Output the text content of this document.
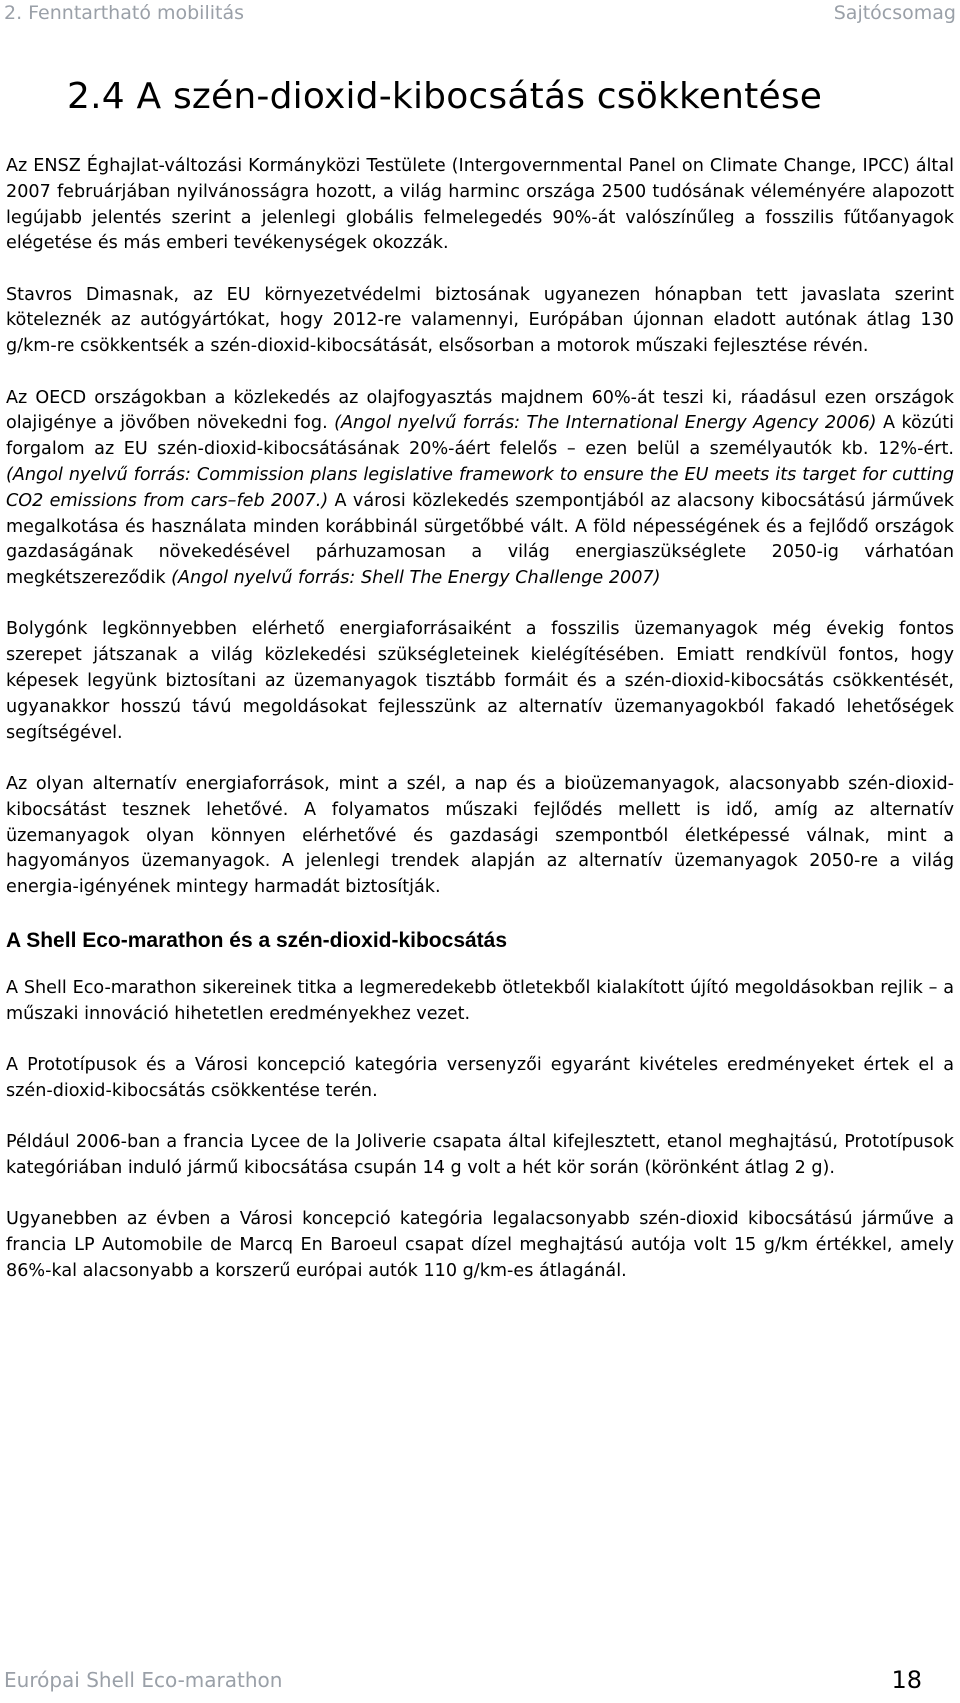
2. Fenntartható mobilitás	Sajtócsomag
2.4 A szén-dioxid-kibocsátás csökkentése

Az ENSZ Éghajlat-változási Kormányközi Testülete (Intergovernmental Panel on Climate Change, IPCC) által 2007 februárjában nyilvánosságra hozott, a világ harminc országa 2500 tudósának véleményére alapozott legújabb jelentés szerint a jelenlegi globális felmelegedés 90%-át valószínűleg a fosszilis fűtőanyagok elégetése és más emberi tevékenységek okozzák.

Stavros Dimasnak, az EU környezetvédelmi biztosának ugyanezen hónapban tett javaslata szerint köteleznék az autógyártókat, hogy 2012-re valamennyi, Európában újonnan eladott autónak átlag 130 g/km-re csökkentsék a szén-dioxid-kibocsátását, elsősorban a motorok műszaki fejlesztése révén.

Az OECD országokban a közlekedés az olajfogyasztás majdnem 60%-át teszi ki, ráadásul ezen országok olajigénye a jövőben növekedni fog. (Angol nyelvű forrás: The International Energy Agency 2006) A közúti forgalom az EU szén-dioxid-kibocsátásának 20%-áért felelős – ezen belül a személyautók kb. 12%-ért. (Angol nyelvű forrás: Commission plans legislative framework to ensure the EU meets its target for cutting CO2 emissions from cars–feb 2007.) A városi közlekedés szempontjából az alacsony kibocsátású járművek megalkotása és használata minden korábbinál sürgetőbbé vált. A föld népességének és a fejlődő országok gazdaságának növekedésével párhuzamosan a világ energiaszükséglete 2050-ig várhatóan megkétszereződik (Angol nyelvű forrás: Shell The Energy Challenge 2007)

Bolygónk legkönnyebben elérhető energiaforrásaiként a fosszilis üzemanyagok még évekig fontos szerepet játszanak a világ közlekedési szükségleteinek kielégítésében. Emiatt rendkívül fontos, hogy képesek legyünk biztosítani az üzemanyagok tisztább formáit és a szén-dioxid-kibocsátás csökkentését, ugyanakkor hosszú távú megoldásokat fejlesszünk az alternatív üzemanyagokból fakadó lehetőségek segítségével.

Az olyan alternatív energiaforrások, mint a szél, a nap és a bioüzemanyagok, alacsonyabb szén-dioxid-kibocsátást tesznek lehetővé. A folyamatos műszaki fejlődés mellett is idő, amíg az alternatív üzemanyagok olyan könnyen elérhetővé és gazdasági szempontból életképessé válnak, mint a hagyományos üzemanyagok. A jelenlegi trendek alapján az alternatív üzemanyagok 2050-re a világ energia-igényének mintegy harmadát biztosítják.

A Shell Eco-marathon és a szén-dioxid-kibocsátás

A Shell Eco-marathon sikereinek titka a legmeredekebb ötletekből kialakított újító megoldásokban rejlik – a műszaki innováció hihetetlen eredményekhez vezet.

A Prototípusok és a Városi koncepció kategória versenyzői egyaránt kivételes eredményeket értek el a szén-dioxid-kibocsátás csökkentése terén.

Például 2006-ban a francia Lycee de la Joliverie csapata által kifejlesztett, etanol meghajtású, Prototípusok kategóriában induló jármű kibocsátása csupán 14 g volt a hét kör során (körönként átlag 2 g).

Ugyanebben az évben a Városi koncepció kategória legalacsonyabb szén-dioxid kibocsátású járműve a francia LP Automobile de Marcq En Baroeul csapat dízel meghajtású autója volt 15 g/km értékkel, amely 86%-kal alacsonyabb a korszerű európai autók 110 g/km-es átlagánál.

Európai Shell Eco-marathon	18
